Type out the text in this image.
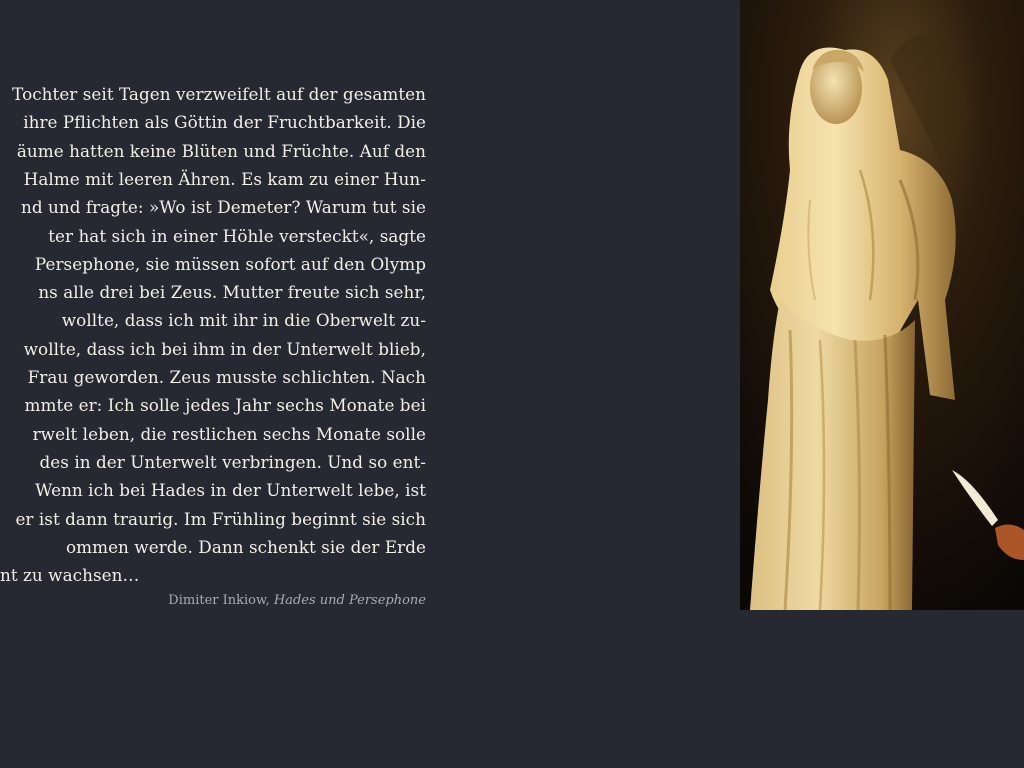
Tochter seit Tagen verzweifelt auf der gesamten
ihre Pflichten als Göttin der Fruchtbarkeit. Die
äume hatten keine Blüten und Früchte. Auf den
Halme mit leeren Ähren. Es kam zu einer Hun-
nd und fragte: »Wo ist Demeter? Warum tut sie
ter hat sich in einer Höhle versteckt«, sagte
Persephone, sie müssen sofort auf den Olymp
ns alle drei bei Zeus. Mutter freute sich sehr,
wollte, dass ich mit ihr in die Oberwelt zu-
wollte, dass ich bei ihm in der Unterwelt blieb,
Frau geworden. Zeus musste schlichten. Nach
mmte er: Ich solle jedes Jahr sechs Monate bei
rwelt leben, die restlichen sechs Monate solle
des in der Unterwelt verbringen. Und so ent-
Wenn ich bei Hades in der Unterwelt lebe, ist
er ist dann traurig. Im Frühling beginnt sie sich
ommen werde. Dann schenkt sie der Erde
nt zu wachsen…
Dimiter Inkiow, Hades und Persephone
